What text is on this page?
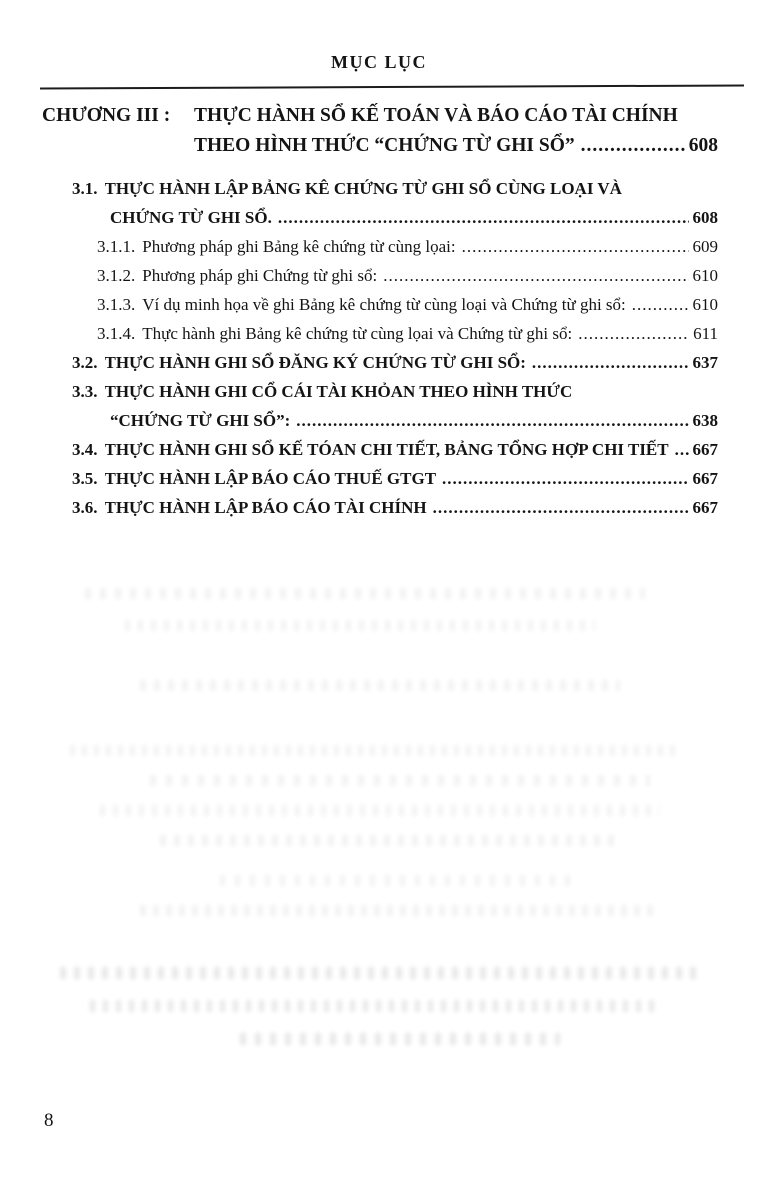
MỤC LỤC
CHƯƠNG III :	THỰC HÀNH SỔ KẾ TOÁN VÀ BÁO CÁO TÀI CHÍNH
THEO HÌNH THỨC “CHỨNG TỪ GHI SỔ” .....	608
3.1. THỰC HÀNH LẬP BẢNG KÊ CHỨNG TỪ GHI SỔ CÙNG LOẠI VÀ
CHỨNG TỪ GHI SỔ. .....	608
3.1.1. Phương pháp ghi Bảng kê chứng từ cùng lọai: .....	609
3.1.2. Phương pháp ghi Chứng từ ghi sổ: .....	610
3.1.3. Ví dụ minh họa về ghi Bảng kê chứng từ cùng loại và Chứng từ ghi sổ: .....	610
3.1.4. Thực hành ghi Bảng kê chứng từ cùng lọai và Chứng từ ghi sổ: .....	611
3.2. THỰC HÀNH GHI SỔ ĐĂNG KÝ CHỨNG TỪ GHI SỔ: .....	637
3.3. THỰC HÀNH GHI CỔ CÁI TÀI KHỎAN THEO HÌNH THỨC
“CHỨNG TỪ GHI SỔ”: .....	638
3.4. THỰC HÀNH GHI SỔ KẾ TÓAN CHI TIẾT, BẢNG TỔNG HỢP CHI TIẾT ..... 667
3.5. THỰC HÀNH LẬP BÁO CÁO THUẾ GTGT .....	667
3.6. THỰC HÀNH LẬP BÁO CÁO TÀI CHÍNH .....	667
8
